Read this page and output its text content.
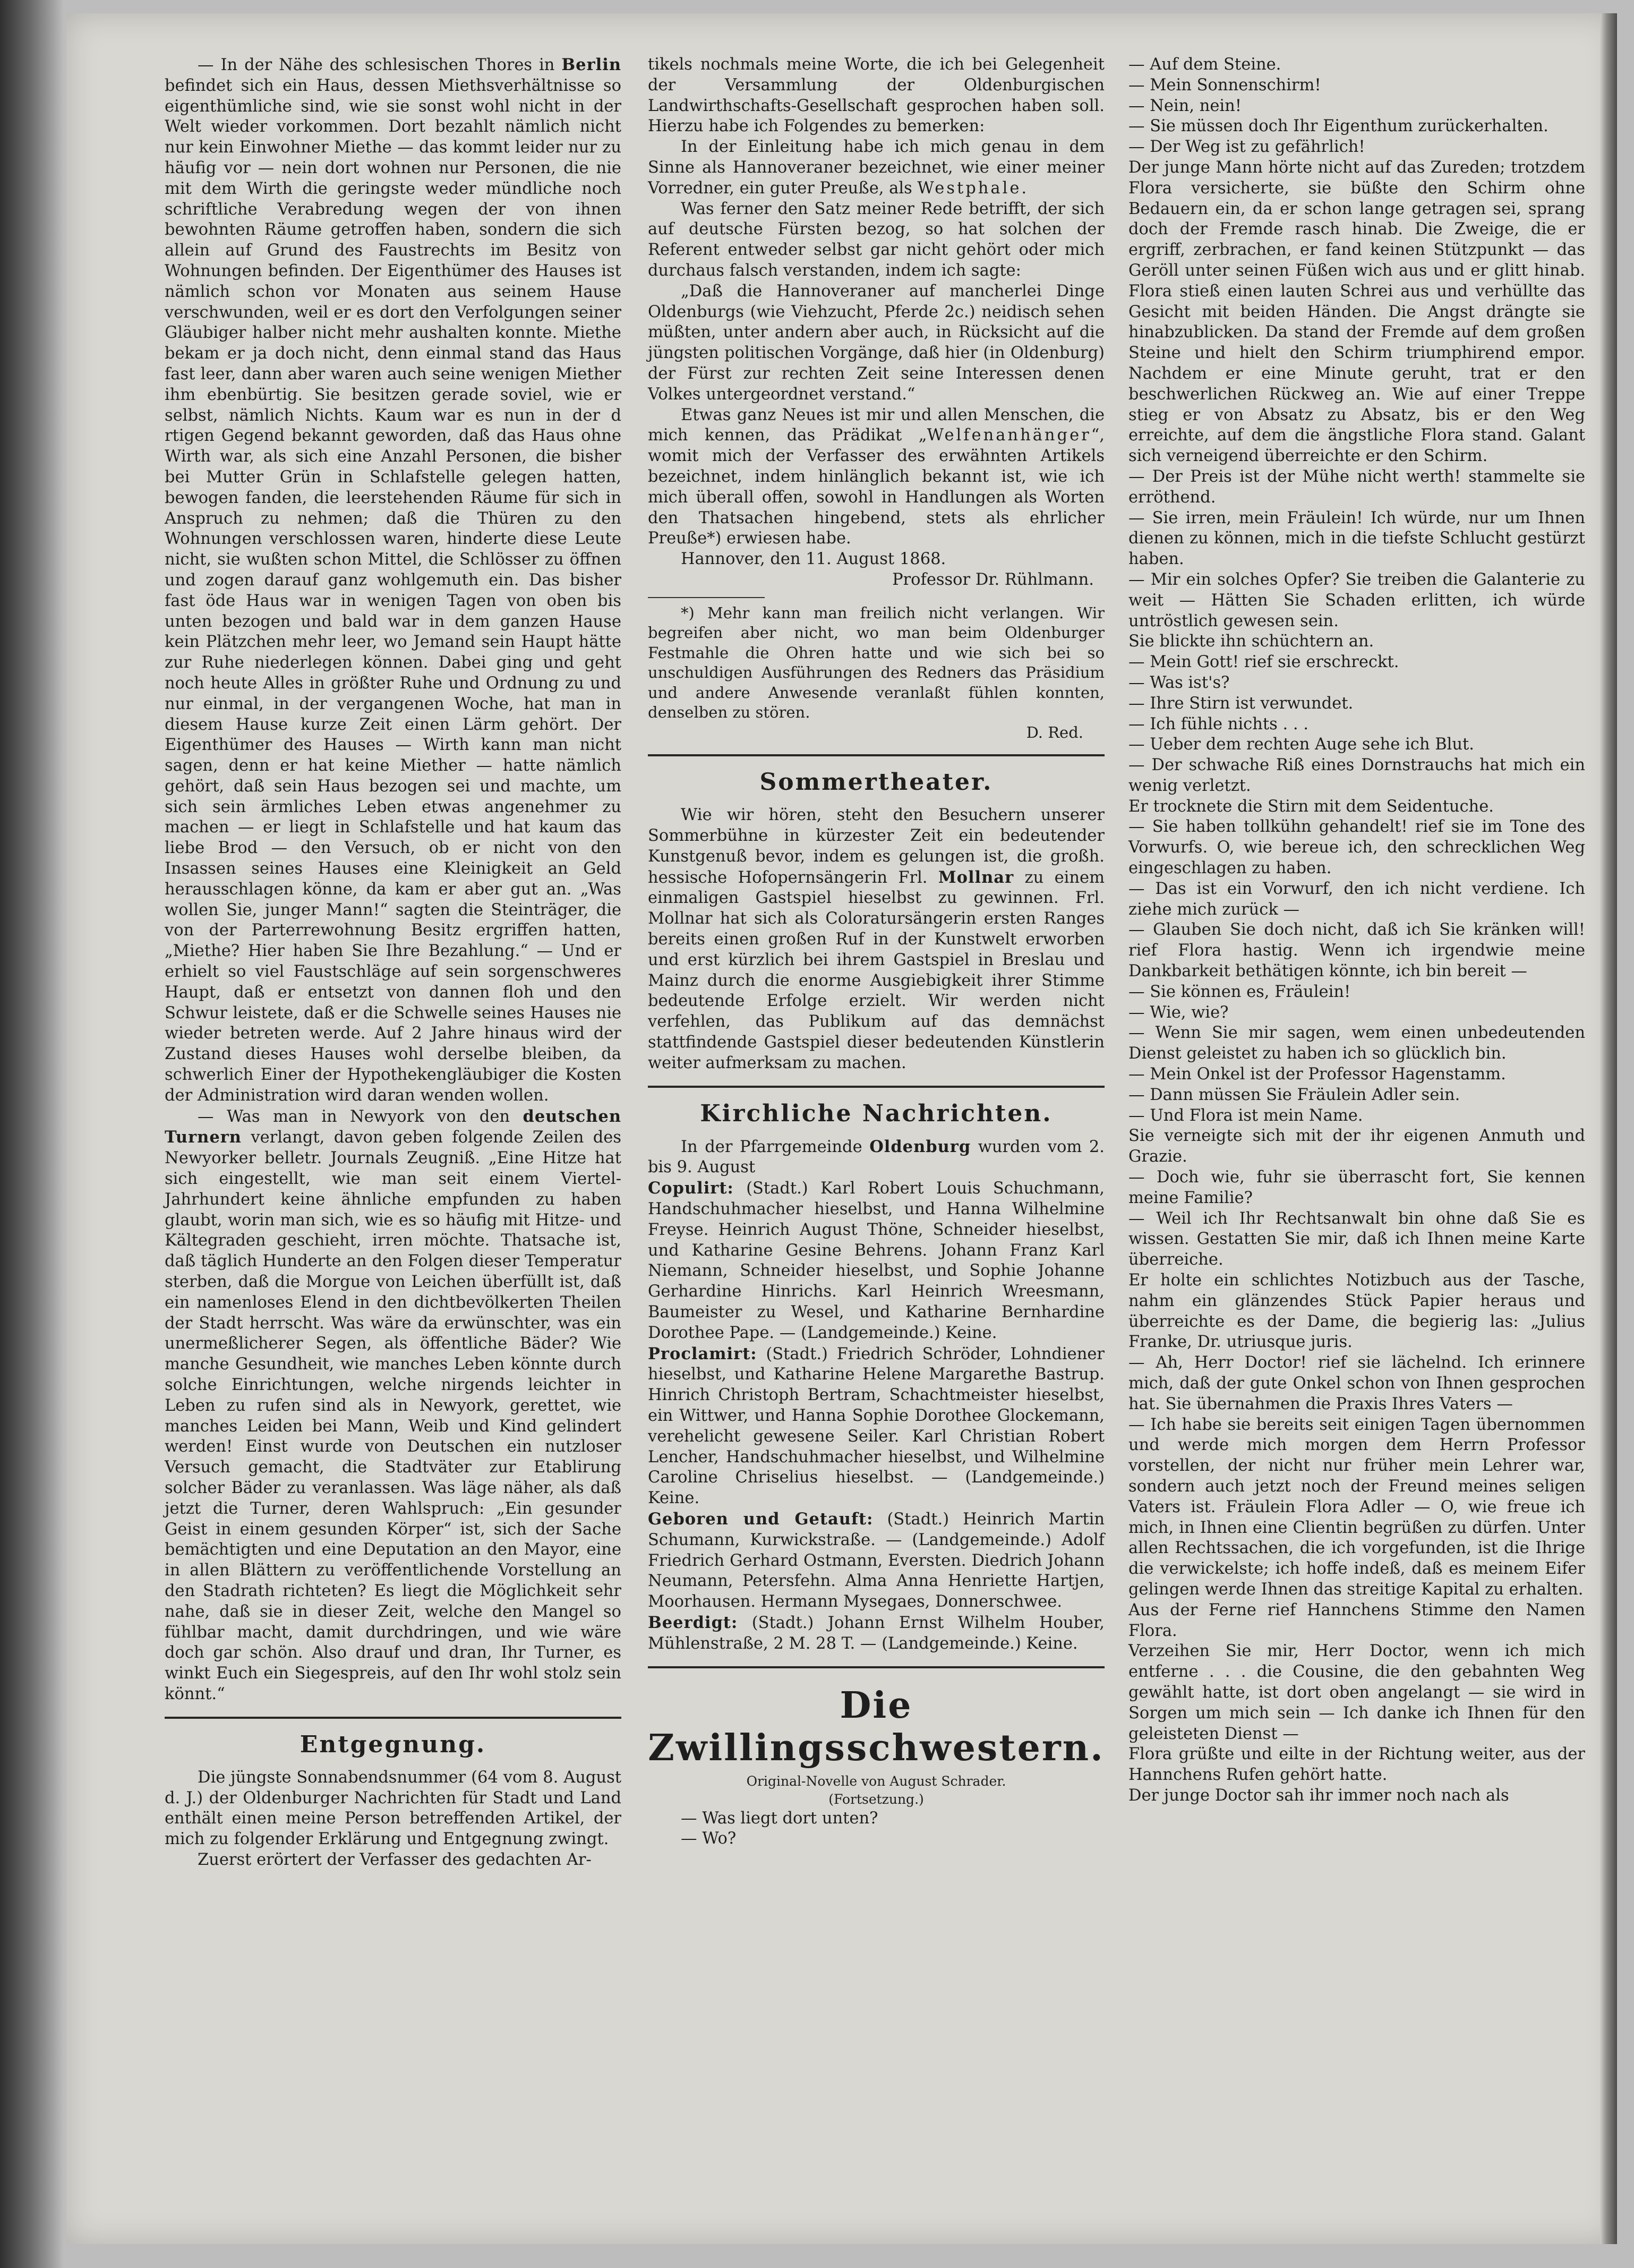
— In der Nähe des schlesischen Thores in Berlin befindet sich ein Haus, dessen Miethsverhältnisse so eigenthümliche sind, wie sie sonst wohl nicht in der Welt wieder vorkommen. Dort bezahlt nämlich nicht nur kein Einwohner Miethe — das kommt leider nur zu häufig vor — nein dort wohnen nur Personen, die nie mit dem Wirth die geringste weder mündliche noch schriftliche Verabredung wegen der von ihnen bewohnten Räume getroffen haben, sondern die sich allein auf Grund des Faustrechts im Besitz von Wohnungen befinden. Der Eigenthümer des Hauses ist nämlich schon vor Monaten aus seinem Hause verschwunden, weil er es dort den Verfolgungen seiner Gläubiger halber nicht mehr aushalten konnte. Miethe bekam er ja doch nicht, denn einmal stand das Haus fast leer, dann aber waren auch seine wenigen Miether ihm ebenbürtig. Sie besitzen gerade soviel, wie er selbst, nämlich Nichts. Kaum war es nun in der d rtigen Gegend bekannt geworden, daß das Haus ohne Wirth war, als sich eine Anzahl Personen, die bisher bei Mutter Grün in Schlafstelle gelegen hatten, bewogen fanden, die leerstehenden Räume für sich in Anspruch zu nehmen; daß die Thüren zu den Wohnungen verschlossen waren, hinderte diese Leute nicht, sie wußten schon Mittel, die Schlösser zu öffnen und zogen darauf ganz wohlgemuth ein. Das bisher fast öde Haus war in wenigen Tagen von oben bis unten bezogen und bald war in dem ganzen Hause kein Plätzchen mehr leer, wo Jemand sein Haupt hätte zur Ruhe niederlegen können. Dabei ging und geht noch heute Alles in größter Ruhe und Ordnung zu und nur einmal, in der vergangenen Woche, hat man in diesem Hause kurze Zeit einen Lärm gehört. Der Eigenthümer des Hauses — Wirth kann man nicht sagen, denn er hat keine Miether — hatte nämlich gehört, daß sein Haus bezogen sei und machte, um sich sein ärmliches Leben etwas angenehmer zu machen — er liegt in Schlafstelle und hat kaum das liebe Brod — den Versuch, ob er nicht von den Insassen seines Hauses eine Kleinigkeit an Geld herausschlagen könne, da kam er aber gut an. „Was wollen Sie, junger Mann!“ sagten die Steinträger, die von der Parterrewohnung Besitz ergriffen hatten, „Miethe? Hier haben Sie Ihre Bezahlung.“ — Und er erhielt so viel Faustschläge auf sein sorgenschweres Haupt, daß er entsetzt von dannen floh und den Schwur leistete, daß er die Schwelle seines Hauses nie wieder betreten werde. Auf 2 Jahre hinaus wird der Zustand dieses Hauses wohl derselbe bleiben, da schwerlich Einer der Hypothekengläubiger die Kosten der Administration wird daran wenden wollen.

— Was man in Newyork von den deutschen Turnern verlangt, davon geben folgende Zeilen des Newyorker belletr. Journals Zeugniß. „Eine Hitze hat sich eingestellt, wie man seit einem Viertel-Jahrhundert keine ähnliche empfunden zu haben glaubt, worin man sich, wie es so häufig mit Hitze- und Kältegraden geschieht, irren möchte. Thatsache ist, daß täglich Hunderte an den Folgen dieser Temperatur sterben, daß die Morgue von Leichen überfüllt ist, daß ein namenloses Elend in den dichtbevölkerten Theilen der Stadt herrscht. Was wäre da erwünschter, was ein unermeßlicherer Segen, als öffentliche Bäder? Wie manche Gesundheit, wie manches Leben könnte durch solche Einrichtungen, welche nirgends leichter in Leben zu rufen sind als in Newyork, gerettet, wie manches Leiden bei Mann, Weib und Kind gelindert werden! Einst wurde von Deutschen ein nutzloser Versuch gemacht, die Stadtväter zur Etablirung solcher Bäder zu veranlassen. Was läge näher, als daß jetzt die Turner, deren Wahlspruch: „Ein gesunder Geist in einem gesunden Körper“ ist, sich der Sache bemächtigten und eine Deputation an den Mayor, eine in allen Blättern zu veröffentlichende Vorstellung an den Stadrath richteten? Es liegt die Möglichkeit sehr nahe, daß sie in dieser Zeit, welche den Mangel so fühlbar macht, damit durchdringen, und wie wäre doch gar schön. Also drauf und dran, Ihr Turner, es winkt Euch ein Siegespreis, auf den Ihr wohl stolz sein könnt.“

Entgegnung.

Die jüngste Sonnabendsnummer (64 vom 8. August d. J.) der Oldenburger Nachrichten für Stadt und Land enthält einen meine Person betreffenden Artikel, der mich zu folgender Erklärung und Entgegnung zwingt.

Zuerst erörtert der Verfasser des gedachten Ar-

tikels nochmals meine Worte, die ich bei Gelegenheit der Versammlung der Oldenburgischen Landwirthschafts-Gesellschaft gesprochen haben soll. Hierzu habe ich Folgendes zu bemerken:

In der Einleitung habe ich mich genau in dem Sinne als Hannoveraner bezeichnet, wie einer meiner Vorredner, ein guter Preuße, als Westphale.

Was ferner den Satz meiner Rede betrifft, der sich auf deutsche Fürsten bezog, so hat solchen der Referent entweder selbst gar nicht gehört oder mich durchaus falsch verstanden, indem ich sagte:

„Daß die Hannoveraner auf mancherlei Dinge Oldenburgs (wie Viehzucht, Pferde 2c.) neidisch sehen müßten, unter andern aber auch, in Rücksicht auf die jüngsten politischen Vorgänge, daß hier (in Oldenburg) der Fürst zur rechten Zeit seine Interessen denen Volkes untergeordnet verstand.“

Etwas ganz Neues ist mir und allen Menschen, die mich kennen, das Prädikat „Welfenanhänger“, womit mich der Verfasser des erwähnten Artikels bezeichnet, indem hinlänglich bekannt ist, wie ich mich überall offen, sowohl in Handlungen als Worten den Thatsachen hingebend, stets als ehrlicher Preuße*) erwiesen habe.

Hannover, den 11. August 1868.

Professor Dr. Rühlmann.

*) Mehr kann man freilich nicht verlangen. Wir begreifen aber nicht, wo man beim Oldenburger Festmahle die Ohren hatte und wie sich bei so unschuldigen Ausführungen des Redners das Präsidium und andere Anwesende veranlaßt fühlen konnten, denselben zu stören.

D. Red.

Sommertheater.

Wie wir hören, steht den Besuchern unserer Sommerbühne in kürzester Zeit ein bedeutender Kunstgenuß bevor, indem es gelungen ist, die großh. hessische Hofopernsängerin Frl. Mollnar zu einem einmaligen Gastspiel hieselbst zu gewinnen. Frl. Mollnar hat sich als Coloratursängerin ersten Ranges bereits einen großen Ruf in der Kunstwelt erworben und erst kürzlich bei ihrem Gastspiel in Breslau und Mainz durch die enorme Ausgiebigkeit ihrer Stimme bedeutende Erfolge erzielt. Wir werden nicht verfehlen, das Publikum auf das demnächst stattfindende Gastspiel dieser bedeutenden Künstlerin weiter aufmerksam zu machen.

Kirchliche Nachrichten.

In der Pfarrgemeinde Oldenburg wurden vom 2. bis 9. August

Copulirt: (Stadt.) Karl Robert Louis Schuchmann, Handschuhmacher hieselbst, und Hanna Wilhelmine Freyse. Heinrich August Thöne, Schneider hieselbst, und Katharine Gesine Behrens. Johann Franz Karl Niemann, Schneider hieselbst, und Sophie Johanne Gerhardine Hinrichs. Karl Heinrich Wreesmann, Baumeister zu Wesel, und Katharine Bernhardine Dorothee Pape. — (Landgemeinde.) Keine.

Proclamirt: (Stadt.) Friedrich Schröder, Lohndiener hieselbst, und Katharine Helene Margarethe Bastrup. Hinrich Christoph Bertram, Schachtmeister hieselbst, ein Wittwer, und Hanna Sophie Dorothee Glockemann, verehelicht gewesene Seiler. Karl Christian Robert Lencher, Handschuhmacher hieselbst, und Wilhelmine Caroline Chriselius hieselbst. — (Landgemeinde.) Keine.

Geboren und Getauft: (Stadt.) Heinrich Martin Schumann, Kurwickstraße. — (Landgemeinde.) Adolf Friedrich Gerhard Ostmann, Eversten. Diedrich Johann Neumann, Petersfehn. Alma Anna Henriette Hartjen, Moorhausen. Hermann Mysegaes, Donnerschwee.

Beerdigt: (Stadt.) Johann Ernst Wilhelm Houber, Mühlenstraße, 2 M. 28 T. — (Landgemeinde.) Keine.

Die Zwillingsschwestern.

Original-Novelle von August Schrader.

(Fortsetzung.)

— Was liegt dort unten?

— Wo?

— Auf dem Steine.
— Mein Sonnenschirm!
— Nein, nein!
— Sie müssen doch Ihr Eigenthum zurückerhalten.
— Der Weg ist zu gefährlich!
Der junge Mann hörte nicht auf das Zureden; trotzdem Flora versicherte, sie büßte den Schirm ohne Bedauern ein, da er schon lange getragen sei, sprang doch der Fremde rasch hinab. Die Zweige, die er ergriff, zerbrachen, er fand keinen Stützpunkt — das Geröll unter seinen Füßen wich aus und er glitt hinab. Flora stieß einen lauten Schrei aus und verhüllte das Gesicht mit beiden Händen. Die Angst drängte sie hinabzublicken. Da stand der Fremde auf dem großen Steine und hielt den Schirm triumphirend empor. Nachdem er eine Minute geruht, trat er den beschwerlichen Rückweg an. Wie auf einer Treppe stieg er von Absatz zu Absatz, bis er den Weg erreichte, auf dem die ängstliche Flora stand. Galant sich verneigend überreichte er den Schirm.
— Der Preis ist der Mühe nicht werth! stammelte sie erröthend.
— Sie irren, mein Fräulein! Ich würde, nur um Ihnen dienen zu können, mich in die tiefste Schlucht gestürzt haben.
— Mir ein solches Opfer? Sie treiben die Galanterie zu weit — Hätten Sie Schaden erlitten, ich würde untröstlich gewesen sein.
Sie blickte ihn schüchtern an.
— Mein Gott! rief sie erschreckt.
— Was ist's?
— Ihre Stirn ist verwundet.
— Ich fühle nichts . . .
— Ueber dem rechten Auge sehe ich Blut.
— Der schwache Riß eines Dornstrauchs hat mich ein wenig verletzt.
Er trocknete die Stirn mit dem Seidentuche.
— Sie haben tollkühn gehandelt! rief sie im Tone des Vorwurfs. O, wie bereue ich, den schrecklichen Weg eingeschlagen zu haben.
— Das ist ein Vorwurf, den ich nicht verdiene. Ich ziehe mich zurück —
— Glauben Sie doch nicht, daß ich Sie kränken will! rief Flora hastig. Wenn ich irgendwie meine Dankbarkeit bethätigen könnte, ich bin bereit —
— Sie können es, Fräulein!
— Wie, wie?
— Wenn Sie mir sagen, wem einen unbedeutenden Dienst geleistet zu haben ich so glücklich bin.
— Mein Onkel ist der Professor Hagenstamm.
— Dann müssen Sie Fräulein Adler sein.
— Und Flora ist mein Name.
Sie verneigte sich mit der ihr eigenen Anmuth und Grazie.
— Doch wie, fuhr sie überrascht fort, Sie kennen meine Familie?
— Weil ich Ihr Rechtsanwalt bin ohne daß Sie es wissen. Gestatten Sie mir, daß ich Ihnen meine Karte überreiche.
Er holte ein schlichtes Notizbuch aus der Tasche, nahm ein glänzendes Stück Papier heraus und überreichte es der Dame, die begierig las: „Julius Franke, Dr. utriusque juris.
— Ah, Herr Doctor! rief sie lächelnd. Ich erinnere mich, daß der gute Onkel schon von Ihnen gesprochen hat. Sie übernahmen die Praxis Ihres Vaters —
— Ich habe sie bereits seit einigen Tagen übernommen und werde mich morgen dem Herrn Professor vorstellen, der nicht nur früher mein Lehrer war, sondern auch jetzt noch der Freund meines seligen Vaters ist. Fräulein Flora Adler — O, wie freue ich mich, in Ihnen eine Clientin begrüßen zu dürfen. Unter allen Rechtssachen, die ich vorgefunden, ist die Ihrige die verwickelste; ich hoffe indeß, daß es meinem Eifer gelingen werde Ihnen das streitige Kapital zu erhalten.
Aus der Ferne rief Hannchens Stimme den Namen Flora.
Verzeihen Sie mir, Herr Doctor, wenn ich mich entferne . . . die Cousine, die den gebahnten Weg gewählt hatte, ist dort oben angelangt — sie wird in Sorgen um mich sein — Ich danke ich Ihnen für den geleisteten Dienst —
Flora grüßte und eilte in der Richtung weiter, aus der Hannchens Rufen gehört hatte.
Der junge Doctor sah ihr immer noch nach als
